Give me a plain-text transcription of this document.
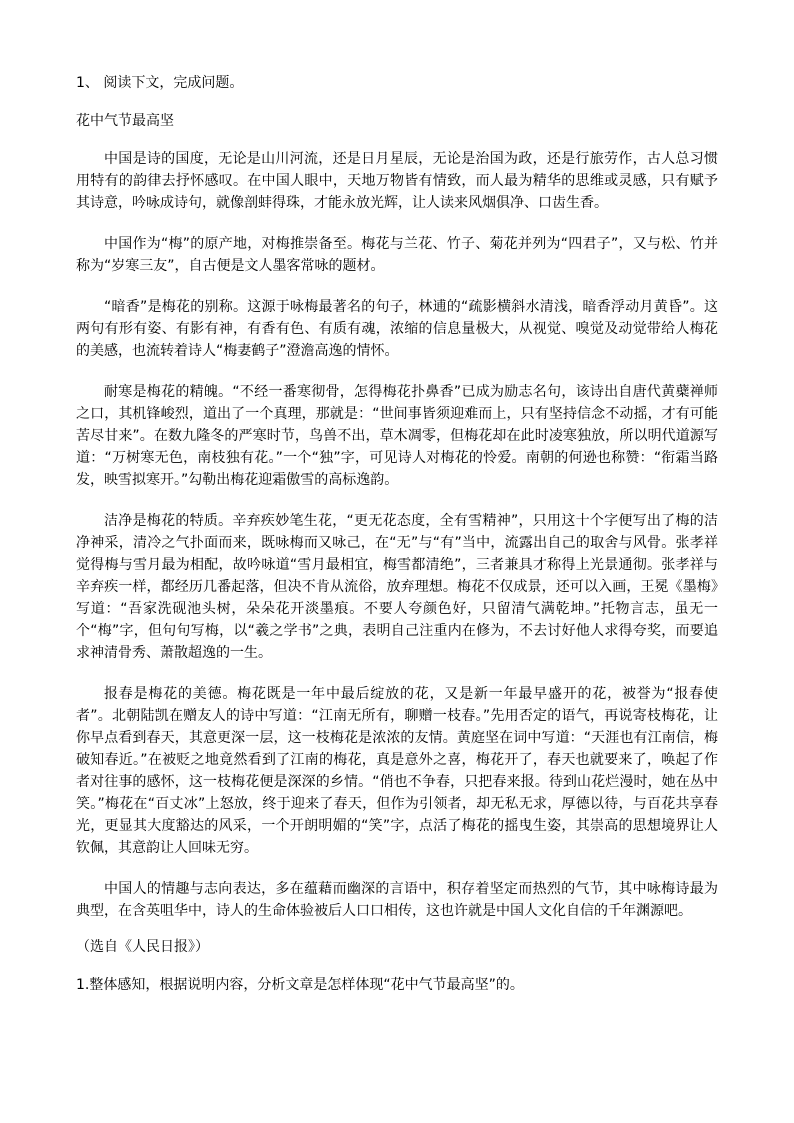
1、 阅读下文，完成问题。

花中气节最高坚

中国是诗的国度，无论是山川河流，还是日月星辰，无论是治国为政，还是行旅劳作，古人总习惯用特有的韵律去抒怀感叹。在中国人眼中，天地万物皆有情致，而人最为精华的思维或灵感，只有赋予其诗意，吟咏成诗句，就像剖蚌得珠，才能永放光辉，让人读来风烟俱净、口齿生香。

中国作为“梅”的原产地，对梅推崇备至。梅花与兰花、竹子、菊花并列为“四君子”，又与松、竹并称为“岁寒三友”，自古便是文人墨客常咏的题材。

“暗香”是梅花的别称。这源于咏梅最著名的句子，林逋的“疏影横斜水清浅，暗香浮动月黄昏”。这两句有形有姿、有影有神，有香有色、有质有魂，浓缩的信息量极大，从视觉、嗅觉及动觉带给人梅花的美感，也流转着诗人“梅妻鹤子”澄澹高逸的情怀。

耐寒是梅花的精魄。“不经一番寒彻骨，怎得梅花扑鼻香”已成为励志名句，该诗出自唐代黄蘗禅师之口，其机锋峻烈，道出了一个真理，那就是：“世间事皆须迎难而上，只有坚持信念不动摇，才有可能苦尽甘来”。在数九隆冬的严寒时节，鸟兽不出，草木凋零，但梅花却在此时凌寒独放，所以明代道源写道：“万树寒无色，南枝独有花。”一个“独”字，可见诗人对梅花的怜爱。南朝的何逊也称赞：“衔霜当路发，映雪拟寒开。”勾勒出梅花迎霜傲雪的高标逸韵。

洁净是梅花的特质。辛弃疾妙笔生花，“更无花态度，全有雪精神”，只用这十个字便写出了梅的洁净神采，清冷之气扑面而来，既咏梅而又咏己，在“无”与“有”当中，流露出自己的取舍与风骨。张孝祥觉得梅与雪月最为相配，故吟咏道“雪月最相宜，梅雪都清绝”，三者兼具才称得上光景通彻。张孝祥与辛弃疾一样，都经历几番起落，但决不肯从流俗，放弃理想。梅花不仅成景，还可以入画，王冕《墨梅》写道：“吾家洗砚池头树，朵朵花开淡墨痕。不要人夸颜色好，只留清气满乾坤。”托物言志，虽无一个“梅”字，但句句写梅，以“羲之学书”之典，表明自己注重内在修为，不去讨好他人求得夸奖，而要追求神清骨秀、萧散超逸的一生。

报春是梅花的美德。梅花既是一年中最后绽放的花，又是新一年最早盛开的花，被誉为“报春使者”。北朝陆凯在赠友人的诗中写道：“江南无所有，聊赠一枝春。”先用否定的语气，再说寄枝梅花，让你早点看到春天，其意更深一层，这一枝梅花是浓浓的友情。黄庭坚在词中写道：“天涯也有江南信，梅破知春近。”在被贬之地竟然看到了江南的梅花，真是意外之喜，梅花开了，春天也就要来了，唤起了作者对往事的感怀，这一枝梅花便是深深的乡情。“俏也不争春，只把春来报。待到山花烂漫时，她在丛中笑。”梅花在“百丈冰”上怒放，终于迎来了春天，但作为引领者，却无私无求，厚德以待，与百花共享春光，更显其大度豁达的风采，一个开朗明媚的“笑”字，点活了梅花的摇曳生姿，其崇高的思想境界让人钦佩，其意韵让人回味无穷。

中国人的情趣与志向表达，多在蕴藉而幽深的言语中，积存着坚定而热烈的气节，其中咏梅诗最为典型，在含英咀华中，诗人的生命体验被后人口口相传，这也许就是中国人文化自信的千年渊源吧。

（选自《人民日报》）

1.整体感知，根据说明内容，分析文章是怎样体现“花中气节最高坚”的。
